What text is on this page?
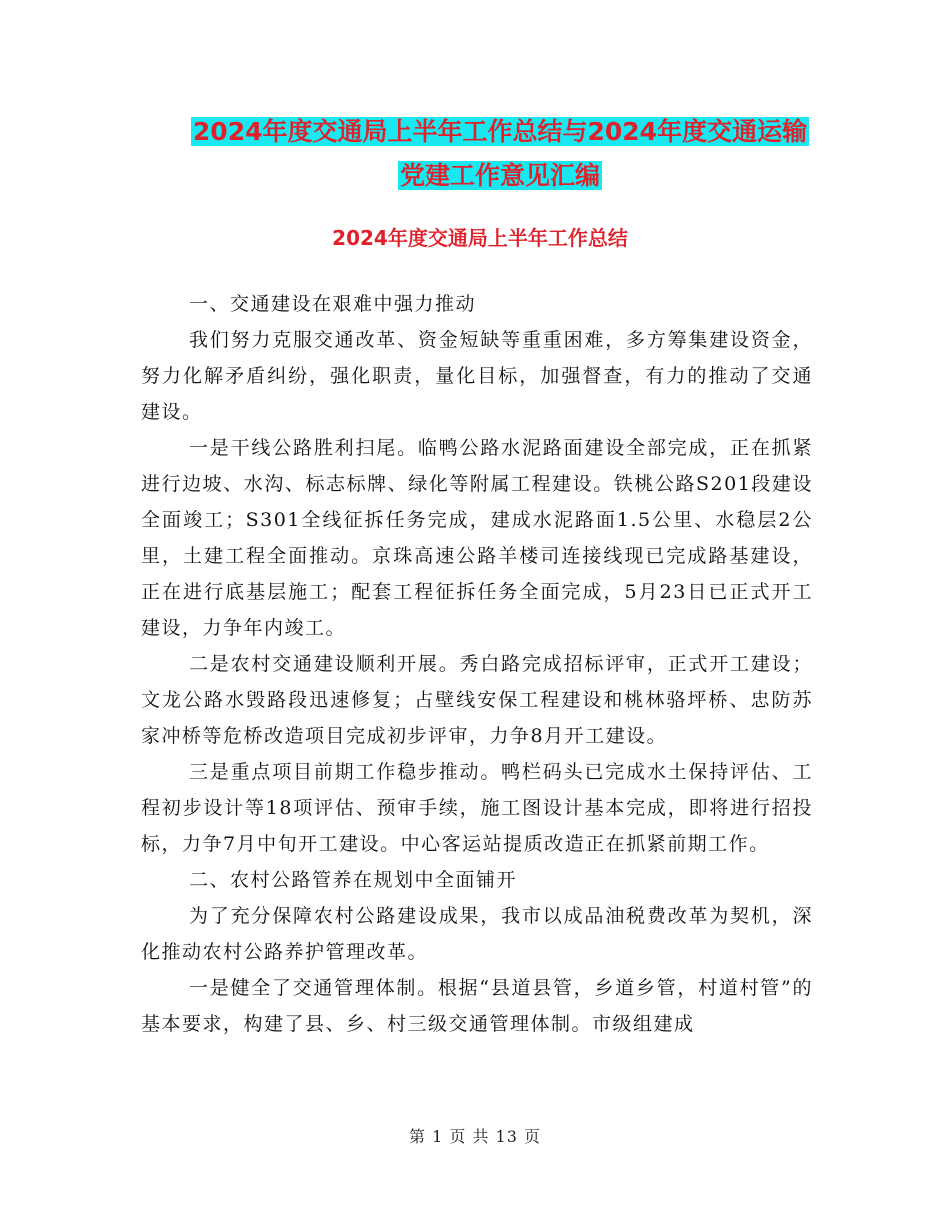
2024年度交通局上半年工作总结与2024年度交通运输
党建工作意见汇编
2024年度交通局上半年工作总结

一、交通建设在艰难中强力推动

我们努力克服交通改革、资金短缺等重重困难，多方筹集建设资金，努力化解矛盾纠纷，强化职责，量化目标，加强督查，有力的推动了交通建设。

一是干线公路胜利扫尾。临鸭公路水泥路面建设全部完成，正在抓紧进行边坡、水沟、标志标牌、绿化等附属工程建设。铁桃公路S201段建设全面竣工；S301全线征拆任务完成，建成水泥路面1.5公里、水稳层2公里，土建工程全面推动。京珠高速公路羊楼司连接线现已完成路基建设，正在进行底基层施工；配套工程征拆任务全面完成，5月23日已正式开工建设，力争年内竣工。

二是农村交通建设顺利开展。秀白路完成招标评审，正式开工建设；文龙公路水毁路段迅速修复；占壁线安保工程建设和桃林骆坪桥、忠防苏家冲桥等危桥改造项目完成初步评审，力争8月开工建设。

三是重点项目前期工作稳步推动。鸭栏码头已完成水土保持评估、工程初步设计等18项评估、预审手续，施工图设计基本完成，即将进行招投标，力争7月中旬开工建设。中心客运站提质改造正在抓紧前期工作。

二、农村公路管养在规划中全面铺开

为了充分保障农村公路建设成果，我市以成品油税费改革为契机，深化推动农村公路养护管理改革。

一是健全了交通管理体制。根据“县道县管，乡道乡管，村道村管”的基本要求，构建了县、乡、村三级交通管理体制。市级组建成

第 1 页 共 13 页
